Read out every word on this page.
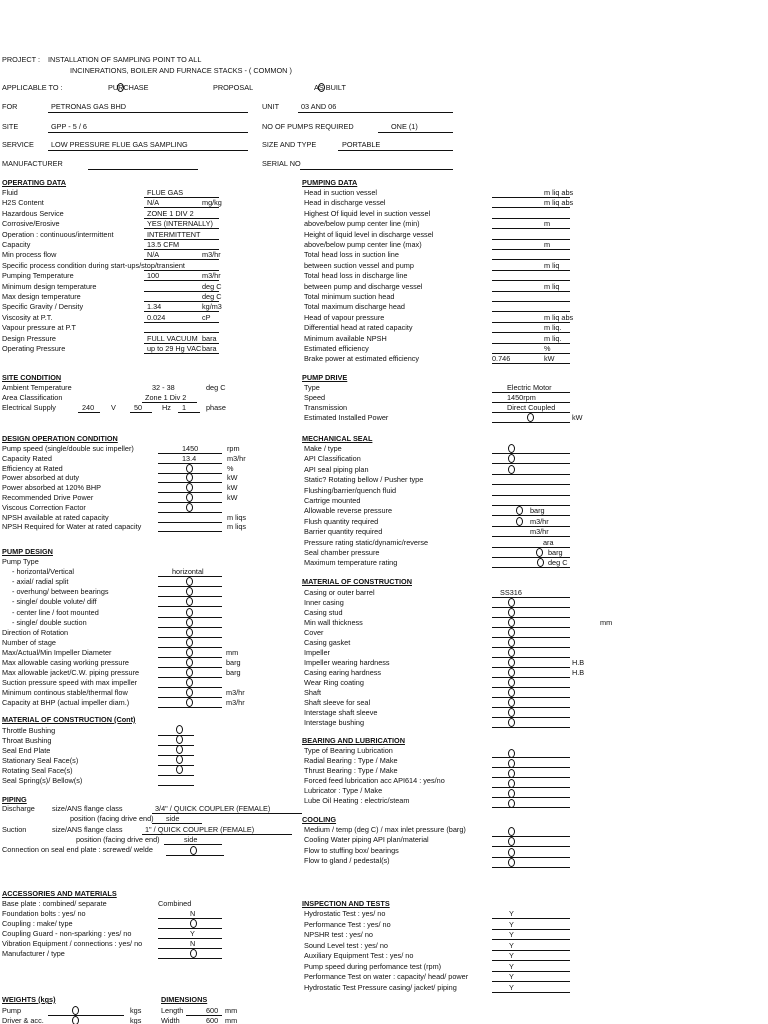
PROJECT : INSTALLATION OF SAMPLING POINT TO ALL
INCINERATIONS, BOILER AND FURNACE STACKS - ( COMMON )
APPLICABLE TO :	PURCHASE	PROPOSAL	AS BUILT
FOR	PETRONAS GAS BHD	UNIT	03 AND 06
SITE	GPP - 5 / 6	NO OF PUMPS REQUIRED	ONE (1)
SERVICE LOW PRESSURE FLUE GAS SAMPLING	SIZE AND TYPE	PORTABLE
MANUFACTURER	SERIAL NO
OPERATING DATA
Fluid	FLUE GAS
H2S Content	N/A	mg/kg
Hazardous Service	ZONE 1 DIV 2
Corrosive/Erosive	YES (INTERNALLY)
Operation : continuous/intermittent	INTERMITTENT
Capacity	13.5 CFM
Min process flow	N/A	m3/hr
Specific process condition during start-ups/stop/transient
Pumping Temperature	100	m3/hr
Minimum design temperature	deg C
Max design temperature	deg C
Specific Gravity / Density	1.34	kg/m3
Viscosity at P.T.	0.024	cP
Vapour pressure at P.T
Design Pressure	FULL VACUUM bara
Operating Pressure	up to 29 Hg VAC bara
PUMPING DATA
Head in suction vessel	m liq abs
Head in discharge vessel	m liq abs
Highest Of liquid level in suction vessel
above/below pump center line (min)	m
Height of liquid level in discharge vessel
above/below pump center line (max)	m
Total head loss in suction line
between suction vessel and pump	m liq
Total head loss in discharge line
between pump and discharge vessel	m liq
Total minimum suction head
Total maximum discharge head
Head of vapour pressure	m liq abs
Differential head at rated capacity	m liq.
Minimum available NPSH	m liq.
Estimated efficiency	%
Brake power at estimated efficiency	0.746	kW
SITE CONDITION
Ambient Temperature	32 - 38	deg C
Area Classification	Zone 1 Div 2
Electrical Supply	240 V 50	Hz 1	phase
PUMP DRIVE
Type	Electric Motor
Speed	1450rpm
Transmission	Direct Coupled
Estimated Installed Power	kW
DESIGN OPERATION CONDITION
Pump speed (single/double suc impeller)	1450	rpm
Capacity Rated	13.4	m3/hr
Efficiency at Rated	%
Power absorbed at duty	kW
Power absorbed at 120% BHP	kW
Recommended Drive Power	kW
Viscous Correction Factor
NPSH available at rated capacity	m liqs
NPSH Required for Water at rated capacity	m liqs
MECHANICAL SEAL
Make / type
API Classification
API seal piping plan
Static? Rotating bellow / Pusher type
Flushing/barrier/quench fluid
Cartrige mounted
Allowable reverse pressure	barg
Flush quantity required	m3/hr
Barrier quantity required	m3/hr
Pressure rating static/dynamic/reverse	ara
Seal chamber pressure	barg
Maximum temperature rating	deg C
PUMP DESIGN
Pump Type
- horizontal/Vertical	horizontal
- axial/ radial split
- overhung/ between bearings
- single/ double volute/ diff
- center line / foot mounted
- single/ double suction
Direction of Rotation
Number of stage
Max/Actual/Min Impeller Diameter	mm
Max allowable casing working pressure	barg
Max allowable jacket/C.W. piping pressure	barg
Suction pressure speed with max impeller
Minimum continous stable/thermal flow	m3/hr
Capacity at BHP (actual impeller diam.)	m3/hr
MATERIAL OF CONSTRUCTION
Casing or outer barrel	SS316
Inner casing
Casing stud
Min wall thickness	mm
Cover
Casing gasket
Impeller
Impeller wearing hardness	H.B
Casing earing hardness	H.B
Wear Ring coating
Shaft
Shaft sleeve for seal
Interstage shaft sleeve
Interstage bushing
MATERIAL OF CONSTRUCTION (Cont)
Throttle Bushing
Throat Bushing
Seal End Plate
Stationary Seal Face(s)
Rotating Seal Face(s)
Seal Spring(s)/ Bellow(s)
BEARING AND LUBRICATION
Type of Bearing Lubrication
Radial Bearing : Type / Make
Thrust Bearing : Type / Make
Forced feed lubrication acc API614 : yes/no
Lubricator : Type / Make
Lube Oil Heating : electric/steam
PIPING
Discharge size/ANS flange class	3/4" / QUICK COUPLER (FEMALE)
position (facing drive end) side
Suction	size/ANS flange class	1" / QUICK COUPLER (FEMALE)
position (facing drive end)	side
Connection on seal end plate : screwed/ welde
COOLING
Medium / temp (deg C) / max inlet pressure (barg)
Cooling Water piping API plan/material
Flow to stuffing box/ bearings
Flow to gland / pedestal(s)
ACCESSORIES AND MATERIALS
Base plate : combined/ separate	Combined
Foundation bolts : yes/ no	N
Coupling : make/ type
Coupling Guard - non-sparking : yes/ no	Y
Vibration Equipment / connections : yes/ no	N
Manufacturer / type
INSPECTION AND TESTS
Hydrostatic Test : yes/ no	Y
Performance Test : yes/ no	Y
NPSHR test : yes/ no	Y
Sound Level test : yes/ no	Y
Auxiliary Equipment Test : yes/ no	Y
Pump speed during perfomance test (rpm)	Y
Performance Test on water : capacity/ head/ power	Y
Hydrostatic Test Pressure casing/ jacket/ piping	Y
WEIGHTS (kgs)
Pump	kgs
Driver & acc.	kgs
DIMENSIONS
Length	600 mm
Width	600 mm
